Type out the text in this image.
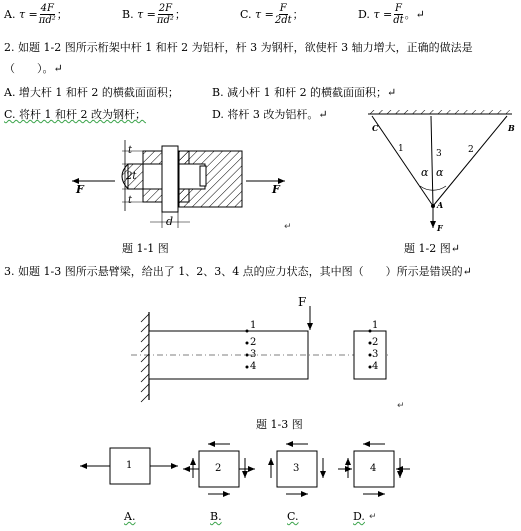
A.
$\tau = \frac{4F}{\text{πd²}}$ ；	B.
$\tau = \frac{2F}{\text{πd²}}$ ；	C.
$\tau = \frac{F}{2dt}$ ；	D.
$\tau = \frac{F}{dt}$ 。↵
2. 如题 1-2 图所示桁架中杆 1 和杆 2 为铝杆，杆 3 为钢杆，欲使杆 3 轴力增大，正确的做法是
（　　）。↵
A. 增大杆 1 和杆 2 的横截面面积；	B. 减小杆 1 和杆 2 的横截面面积；↵
C. 将杆 1 和杆 2 改为钢杆；	D. 将杆 3 改为铝杆。↵
t
2t
t
F	F
d	↵
题 1-1 图
C	B
A
F
1	2
3
α α
题 1-2 图↵
3. 如题 1-3 图所示悬臂梁，给出了 1、2、3、4 点的应力状态，其中图（　　）所示是错误的↵
F
1
2
3
4
1
2
3
4
↵
题 1-3 图
1	2	3	4
A.	B.	C.	D. ↵
